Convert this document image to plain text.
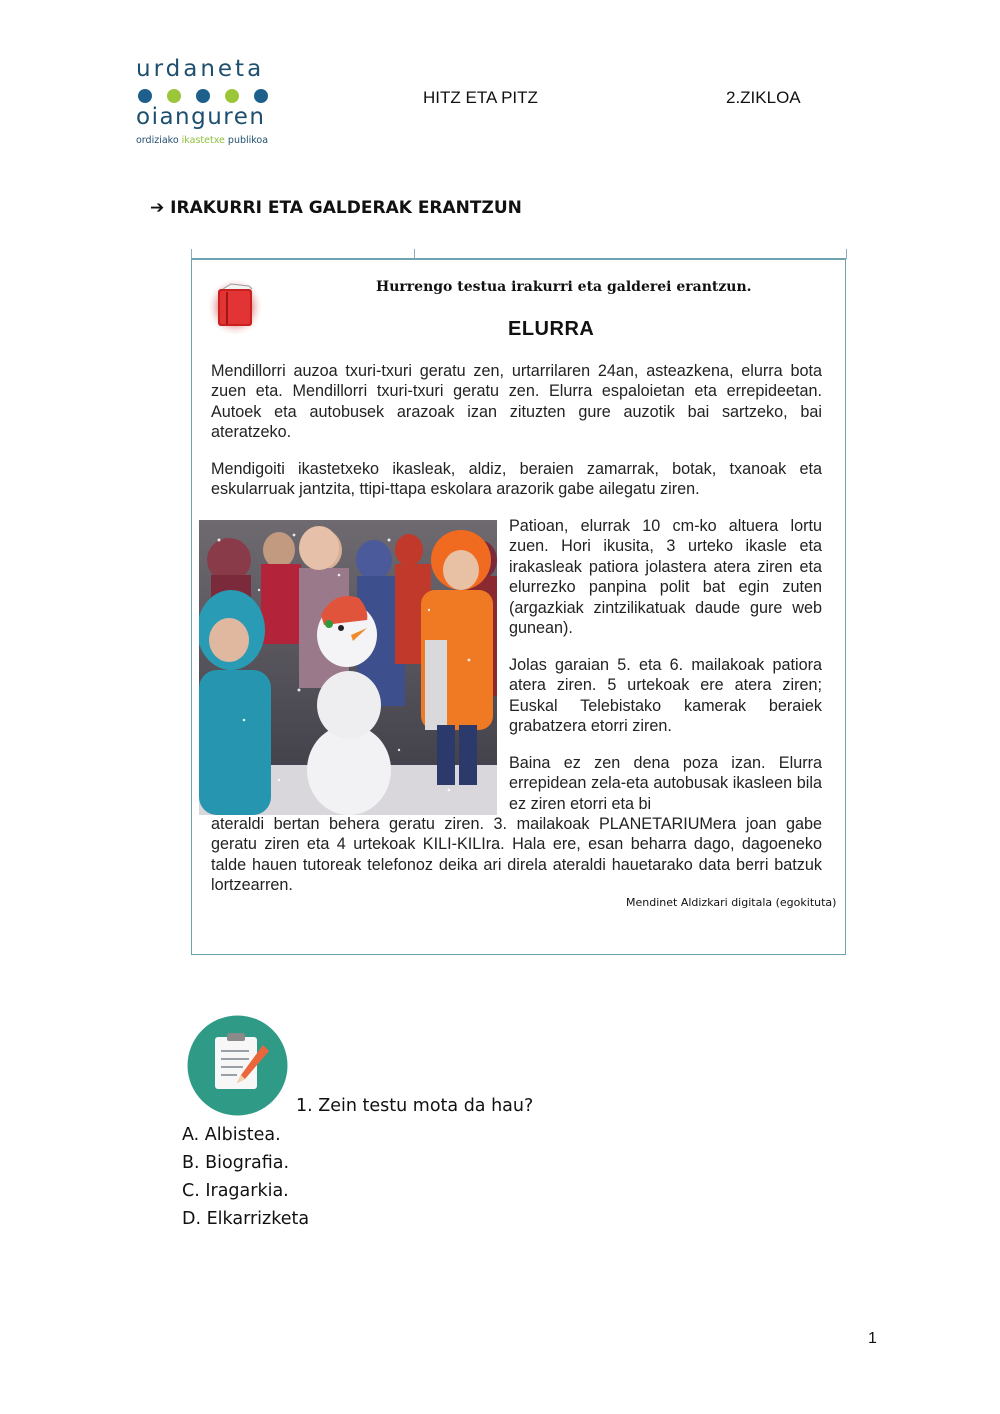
urdaneta
oianguren
ordiziako ikastetxe publikoa
HITZ ETA PITZ	2.ZIKLOA
➔ IRAKURRI ETA GALDERAK ERANTZUN
Hurrengo testua irakurri eta galderei erantzun.
ELURRA
Mendillorri auzoa txuri-txuri geratu zen, urtarrilaren 24an, asteazkena, elurra bota zuen eta. Mendillorri txuri-txuri geratu zen. Elurra espaloietan eta errepideetan. Autoek eta autobusek arazoak izan zituzten gure auzotik bai sartzeko, bai ateratzeko.
Mendigoiti ikastetxeko ikasleak, aldiz, beraien zamarrak, botak, txanoak eta eskularruak jantzita, ttipi-ttapa eskolara arazorik gabe ailegatu ziren.
Patioan, elurrak 10 cm-ko altuera lortu zuen. Hori ikusita, 3 urteko ikasle eta irakasleak patiora jolastera atera ziren eta elurrezko panpina polit bat egin zuten (argazkiak zintzilikatuak daude gure web gunean).
Jolas garaian 5. eta 6. mailakoak patiora atera ziren. 5 urtekoak ere atera ziren; Euskal Telebistako kamerak beraiek grabatzera etorri ziren.
Baina ez zen dena poza izan. Elurra errepidean zela-eta autobusak ikasleen bila ez ziren etorri eta bi
ateraldi bertan behera geratu ziren. 3. mailakoak PLANETARIUMera joan gabe geratu ziren eta 4 urtekoak KILI-KILIra. Hala ere, esan beharra dago, dagoeneko talde hauen tutoreak telefonoz deika ari direla ateraldi hauetarako data berri batzuk lortzearren.
Mendinet Aldizkari digitala (egokituta)
1. Zein testu mota da hau?
A. Albistea.
B. Biografia.
C. Iragarkia.
D. Elkarrizketa
1
